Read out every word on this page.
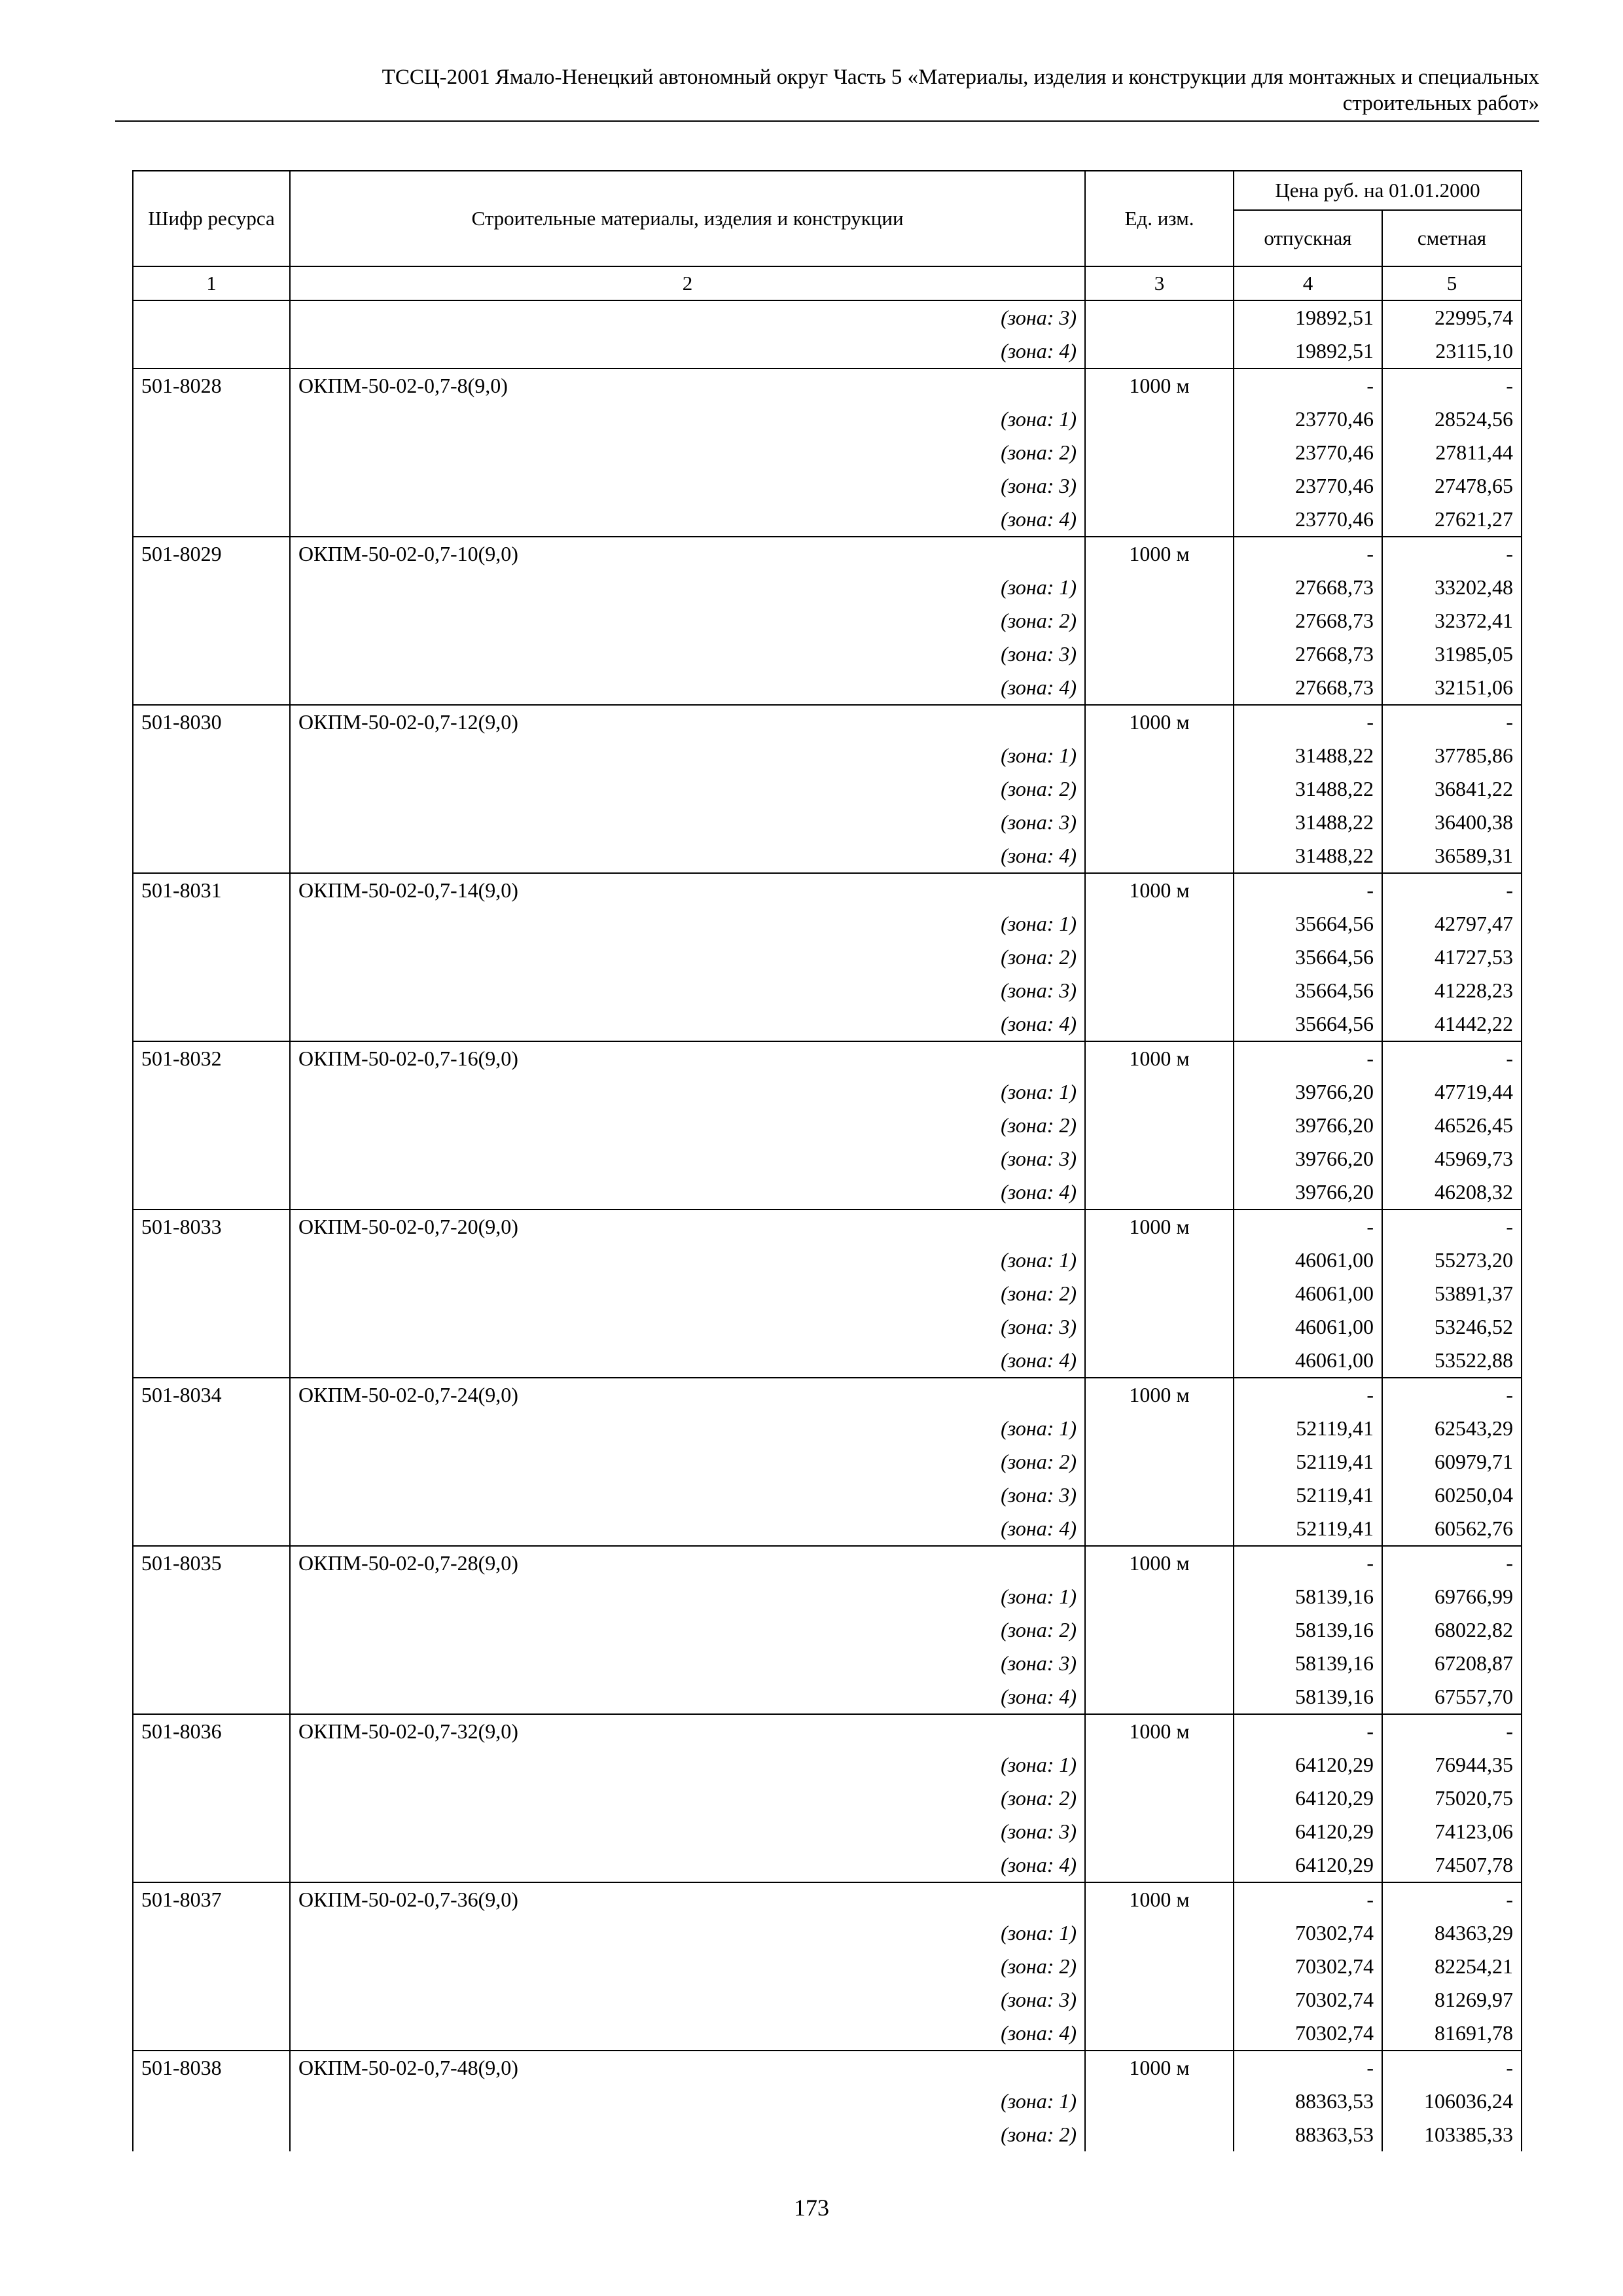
ТССЦ-2001 Ямало-Ненецкий автономный округ Часть 5 «Материалы, изделия и конструкции для монтажных и специальных
строительных работ»
Шифр ресурса	Строительные материалы, изделия и конструкции	Ед. изм.	Цена руб. на 01.01.2000	
			отпускная	сметная
1	2	3	4	5
	(зона: 3)		19892,51	22995,74
	(зона: 4)		19892,51	23115,10
501-8028	ОКПМ-50-02-0,7-8(9,0)	1000 м	-	-
	(зона: 1)		23770,46	28524,56
	(зона: 2)		23770,46	27811,44
	(зона: 3)		23770,46	27478,65
	(зона: 4)		23770,46	27621,27
501-8029	ОКПМ-50-02-0,7-10(9,0)	1000 м	-	-
	(зона: 1)		27668,73	33202,48
	(зона: 2)		27668,73	32372,41
	(зона: 3)		27668,73	31985,05
	(зона: 4)		27668,73	32151,06
501-8030	ОКПМ-50-02-0,7-12(9,0)	1000 м	-	-
	(зона: 1)		31488,22	37785,86
	(зона: 2)		31488,22	36841,22
	(зона: 3)		31488,22	36400,38
	(зона: 4)		31488,22	36589,31
501-8031	ОКПМ-50-02-0,7-14(9,0)	1000 м	-	-
	(зона: 1)		35664,56	42797,47
	(зона: 2)		35664,56	41727,53
	(зона: 3)		35664,56	41228,23
	(зона: 4)		35664,56	41442,22
501-8032	ОКПМ-50-02-0,7-16(9,0)	1000 м	-	-
	(зона: 1)		39766,20	47719,44
	(зона: 2)		39766,20	46526,45
	(зона: 3)		39766,20	45969,73
	(зона: 4)		39766,20	46208,32
501-8033	ОКПМ-50-02-0,7-20(9,0)	1000 м	-	-
	(зона: 1)		46061,00	55273,20
	(зона: 2)		46061,00	53891,37
	(зона: 3)		46061,00	53246,52
	(зона: 4)		46061,00	53522,88
501-8034	ОКПМ-50-02-0,7-24(9,0)	1000 м	-	-
	(зона: 1)		52119,41	62543,29
	(зона: 2)		52119,41	60979,71
	(зона: 3)		52119,41	60250,04
	(зона: 4)		52119,41	60562,76
501-8035	ОКПМ-50-02-0,7-28(9,0)	1000 м	-	-
	(зона: 1)		58139,16	69766,99
	(зона: 2)		58139,16	68022,82
	(зона: 3)		58139,16	67208,87
	(зона: 4)		58139,16	67557,70
501-8036	ОКПМ-50-02-0,7-32(9,0)	1000 м	-	-
	(зона: 1)		64120,29	76944,35
	(зона: 2)		64120,29	75020,75
	(зона: 3)		64120,29	74123,06
	(зона: 4)		64120,29	74507,78
501-8037	ОКПМ-50-02-0,7-36(9,0)	1000 м	-	-
	(зона: 1)		70302,74	84363,29
	(зона: 2)		70302,74	82254,21
	(зона: 3)		70302,74	81269,97
	(зона: 4)		70302,74	81691,78
501-8038	ОКПМ-50-02-0,7-48(9,0)	1000 м	-	-
	(зона: 1)		88363,53	106036,24
	(зона: 2)		88363,53	103385,33
173
